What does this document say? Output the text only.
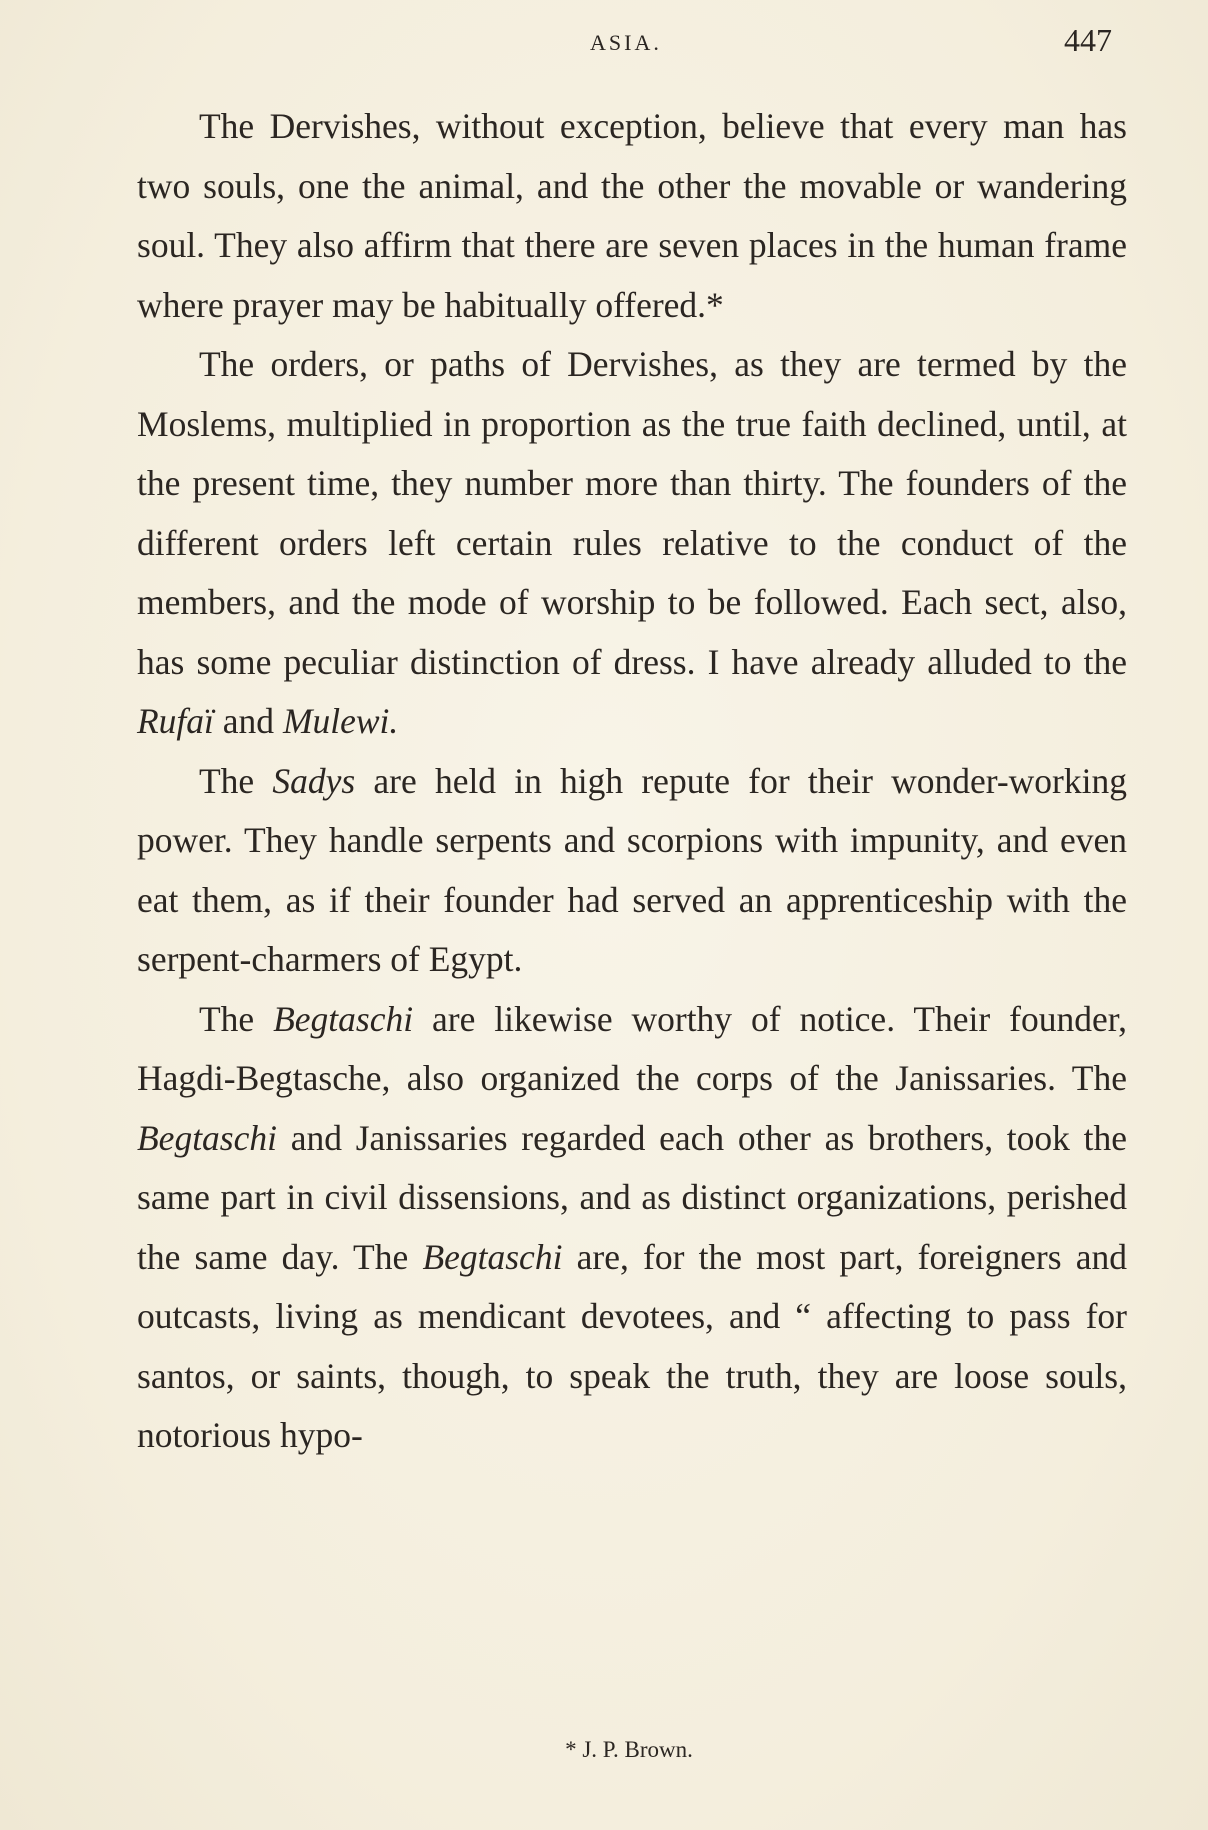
ASIA.	447

The Dervishes, without exception, believe that every man has two souls, one the animal, and the other the movable or wandering soul. They also affirm that there are seven places in the human frame where prayer may be habitually offered.*

The orders, or paths of Dervishes, as they are termed by the Moslems, multiplied in proportion as the true faith declined, until, at the present time, they number more than thirty. The founders of the different orders left certain rules relative to the conduct of the members, and the mode of worship to be followed. Each sect, also, has some peculiar distinction of dress. I have already alluded to the Rufaï and Mulewi.

The Sadys are held in high repute for their wonder-working power. They handle serpents and scorpions with impunity, and even eat them, as if their founder had served an apprenticeship with the serpent-charmers of Egypt.

The Begtaschi are likewise worthy of notice. Their founder, Hagdi-Begtasche, also organized the corps of the Janissaries. The Begtaschi and Janissaries regarded each other as brothers, took the same part in civil dissensions, and as distinct organizations, perished the same day. The Begtaschi are, for the most part, foreigners and outcasts, living as mendicant devotees, and “ affecting to pass for santos, or saints, though, to speak the truth, they are loose souls, notorious hypo-

* J. P. Brown.
